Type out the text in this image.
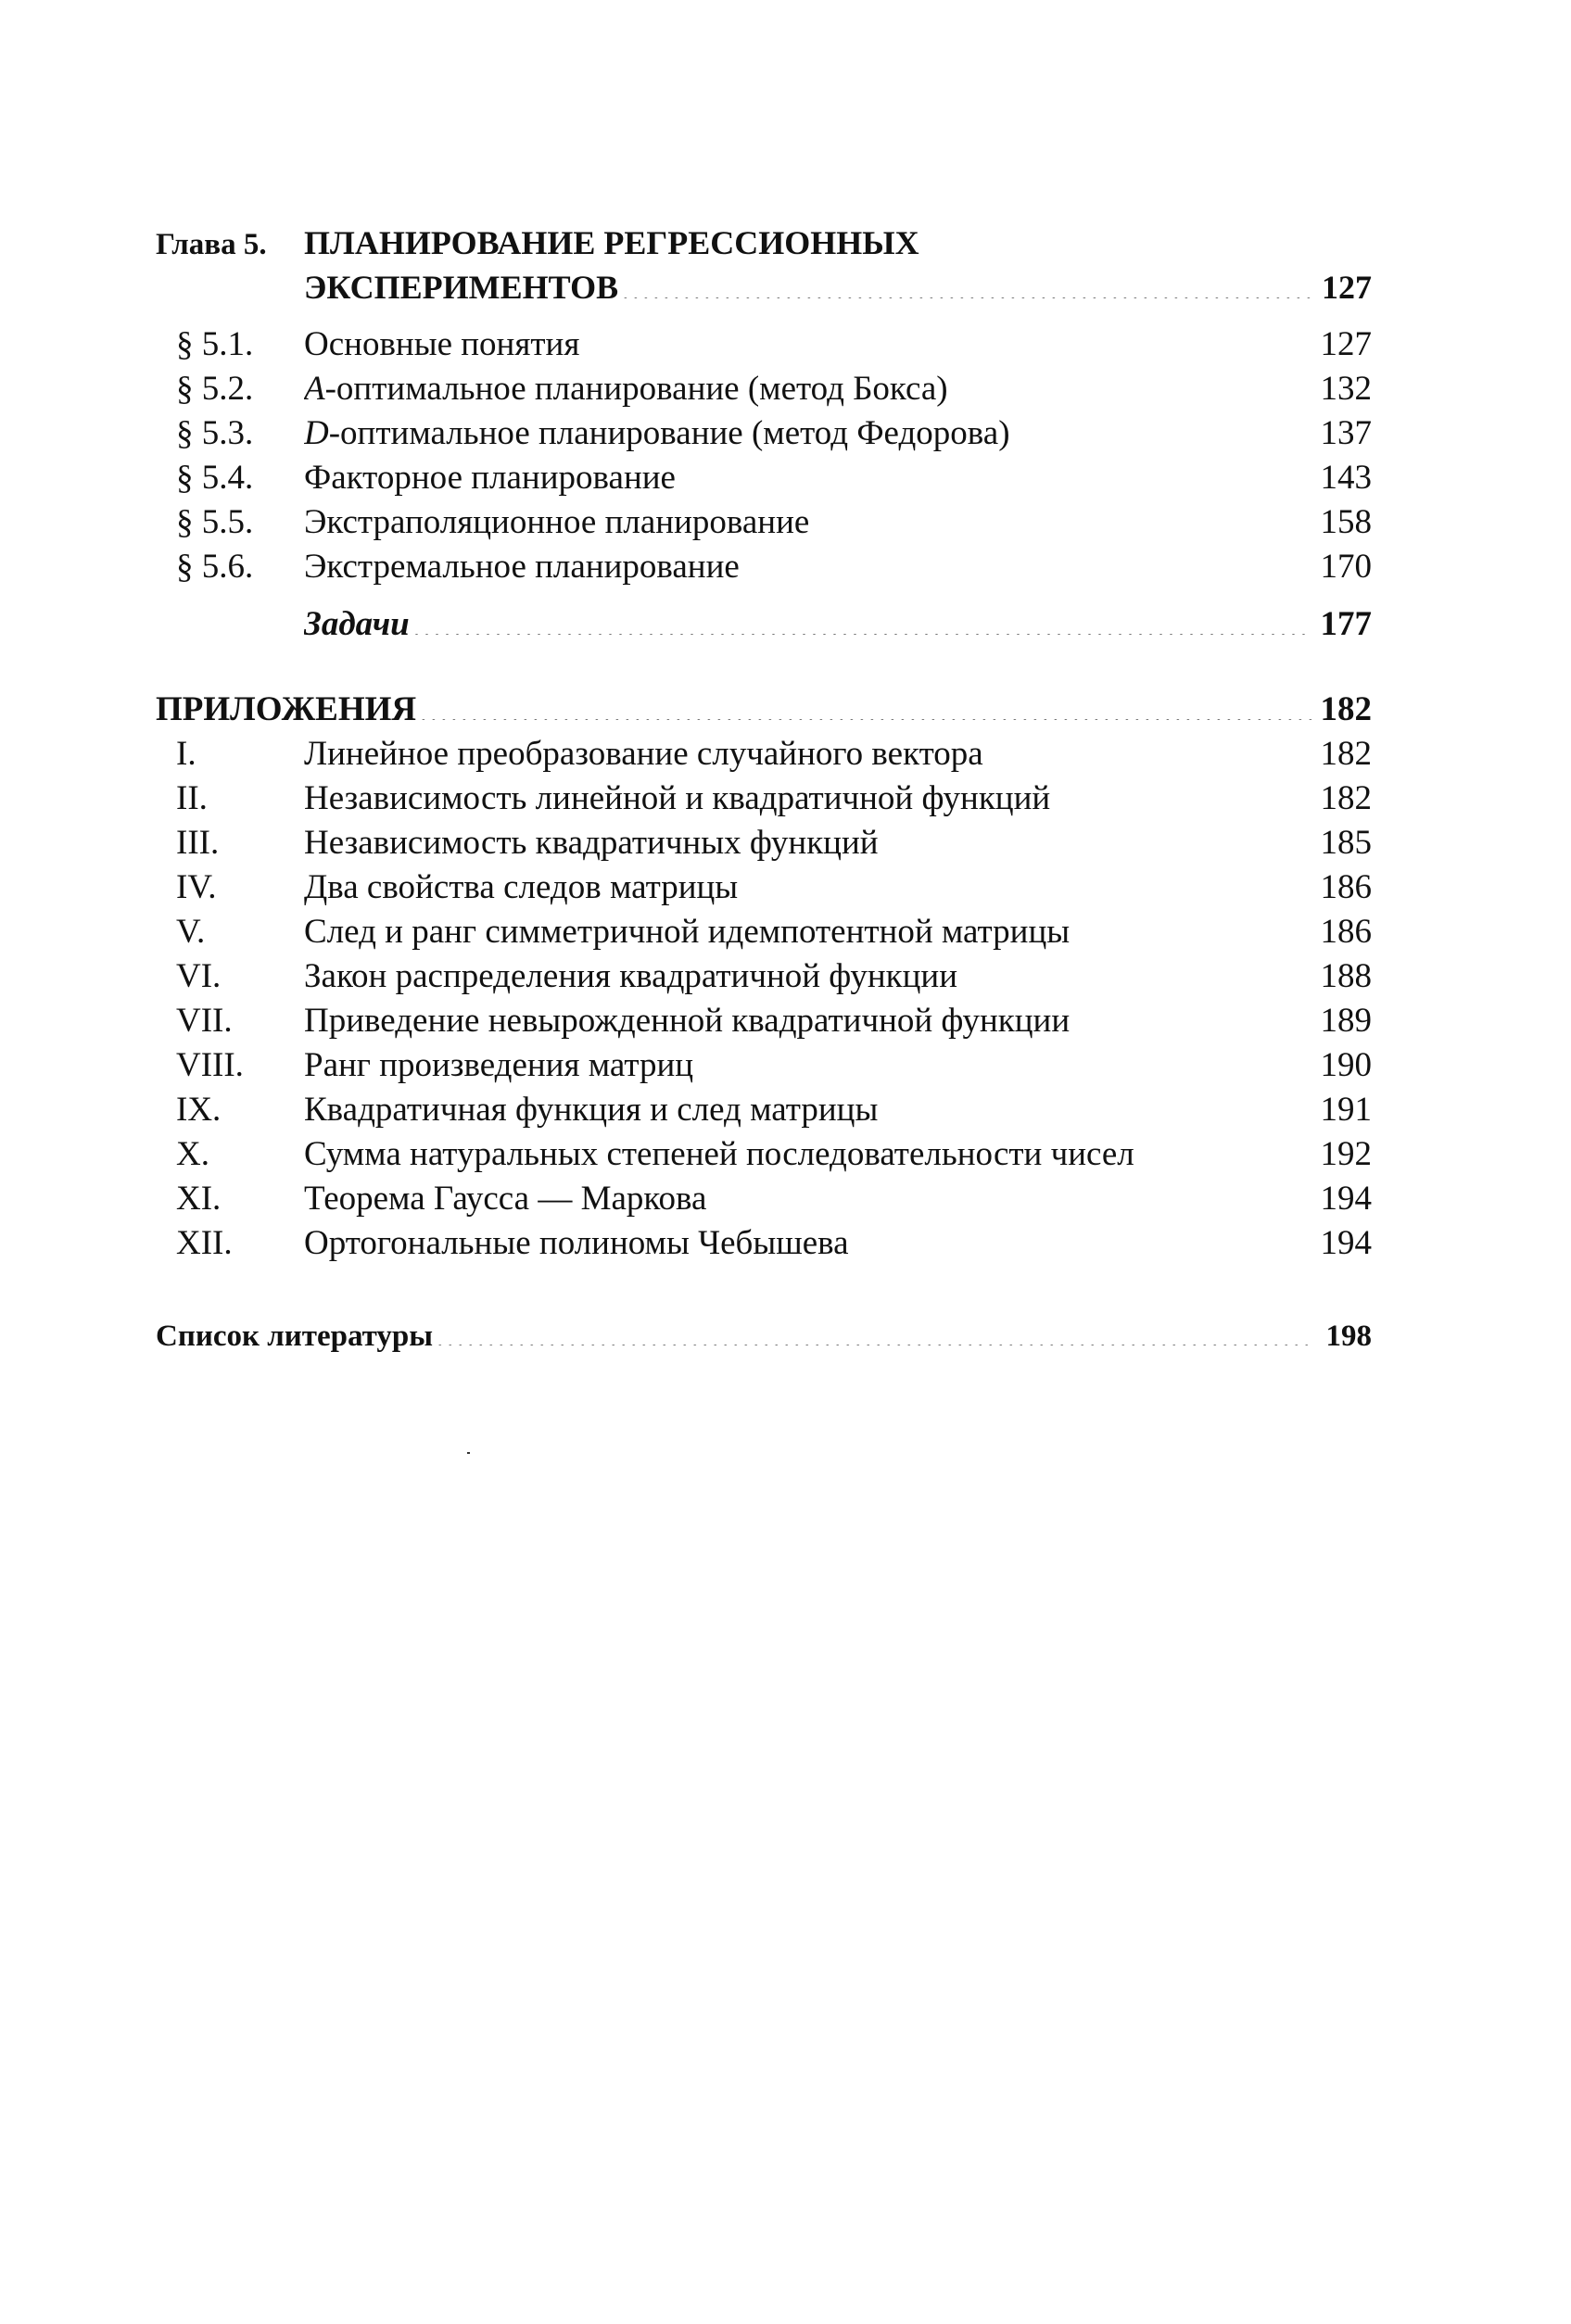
Глава 5.	ПЛАНИРОВАНИЕ РЕГРЕССИОННЫХ
ЭКСПЕРИМЕНТОВ . . .	127
§ 5.1.	Основные понятия . . .	127
§ 5.2.	A-оптимальное планирование (метод Бокса) . . .	132
§ 5.3.	D-оптимальное планирование (метод Федорова) . . .	137
§ 5.4.	Факторное планирование . . .	143
§ 5.5.	Экстраполяционное планирование . . .	158
§ 5.6.	Экстремальное планирование . . .	170
Задачи . . .	177
ПРИЛОЖЕНИЯ . . .	182
I.	Линейное преобразование случайного вектора . . .	182
II.	Независимость линейной и квадратичной функций . . .	182
III.	Независимость квадратичных функций . . .	185
IV.	Два свойства следов матрицы . . .	186
V.	След и ранг симметричной идемпотентной матрицы . . .	186
VI.	Закон распределения квадратичной функции . . .	188
VII.	Приведение невырожденной квадратичной функции . . .	189
VIII.	Ранг произведения матриц . . .	190
IX.	Квадратичная функция и след матрицы . . .	191
X.	Сумма натуральных степеней последовательности чисел . . .	192
XI.	Теорема Гаусса — Маркова . . .	194
XII.	Ортогональные полиномы Чебышева . . .	194
Список литературы . . .	198
